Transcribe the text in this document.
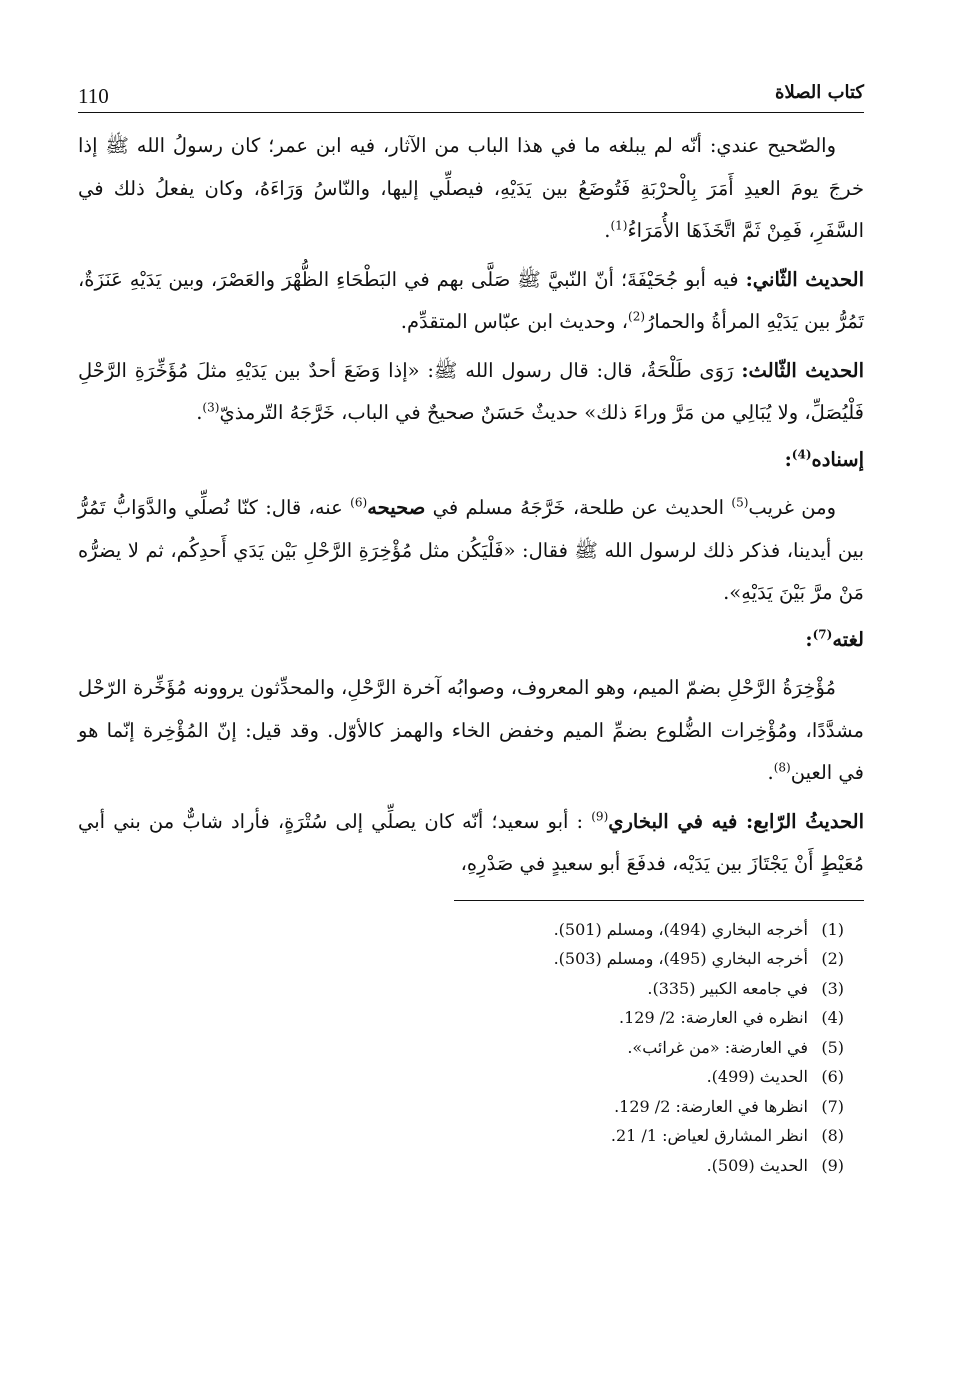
كتاب الصلاة
110

والصّحيح عندي: أنّه لم يبلغه ما في هذا الباب من الآثار، فيه ابن عمر؛ كان رسولُ الله ﷺ إذا خرجَ يومَ العيدِ أَمَرَ بِالْحرْبَةِ فَتُوضَعُ بين يَدَيْهِ، فيصلِّي إليها، والنّاسُ وَرَاءَهُ، وكان يفعلُ ذلك في السَّفَرِ، فَمِنْ ثَمَّ اتَّخَذَهَا الأُمَرَاءُ$^{(1)}$.

الحديث الثّاني: فيه أبو جُحَيْفَةَ؛ أنّ النّبيَّ ﷺ صَلَّى بهم في البَطْحَاءِ الظُّهْرَ والعَصْرَ، وبين يَدَيْهِ عَنَزَةٌ، تَمُرُّ بين يَدَيْهِ المرأةُ والحمارُ$^{(2)}$، وحديث ابن عبّاس المتقدِّم.

الحديث الثّالث: رَوَى طَلْحَةُ، قال: قال رسول الله ﷺ: «إذا وَضَعَ أحدٌ بين يَدَيْهِ مثلَ مُؤَخِّرَةِ الرَّحْلِ فَلْيُصَلِّ، ولا يُبَالِي من مَرَّ وراءَ ذلك» حديثٌ حَسَنٌ صحيحٌ في الباب، خَرَّجَهُ التّرمذيّ$^{(3)}$.

إسناده$^{(4)}$:

ومن غريب$^{(5)}$ الحديث عن طلحة، خَرَّجَهُ مسلم في صحيحه$^{(6)}$ عنه، قال: كنّا نُصلِّي والدَّوَابُّ تَمُرُّ بين أيدينا، فذكر ذلك لرسول الله ﷺ فقال: «فَلْيَكُن مثل مُؤْخِرَةِ الرَّحْلِ بَيْن يَدَي أَحدِكُم، ثم لا يضرُّه مَنْ مرَّ بَيْنَ يَدَيْهِ».

لغته$^{(7)}$:

مُؤْخِرَةُ الرَّحْلِ بضمّ الميم، وهو المعروف، وصوابُه آخرة الرَّحْلِ، والمحدِّثون يروونه مُؤَخِّرة الرّحْل مشدَّدًا، ومُؤْخِرات الضُّلوع بضمِّ الميم وخفض الخاء والهمز كالأوّل. وقد قيل: إنّ المُؤْخِرة إنّما هو في العين$^{(8)}$.

الحديثُ الرّابع: فيه في البخاري$^{(9)}$ : أبو سعيد؛ أنّه كان يصلِّي إلى سُتْرَةٍ، فأراد شابٌّ من بني أبي مُعَيْطٍ أَنْ يَجْتَازَ بين يَدَيْه، فدفَعَ أبو سعيدٍ في صَدْرِهِ،

(1)
أخرجه البخاري (494)، ومسلم (501).
(2)
أخرجه البخاري (495)، ومسلم (503).
(3)
في جامعه الكبير (335).
(4)
انظره في العارضة: 2/ 129.
(5)
في العارضة: «من غرائب».
(6)
الحديث (499).
(7)
انظرها في العارضة: 2/ 129.
(8)
انظر المشارق لعياض: 1/ 21.
(9)
الحديث (509).
